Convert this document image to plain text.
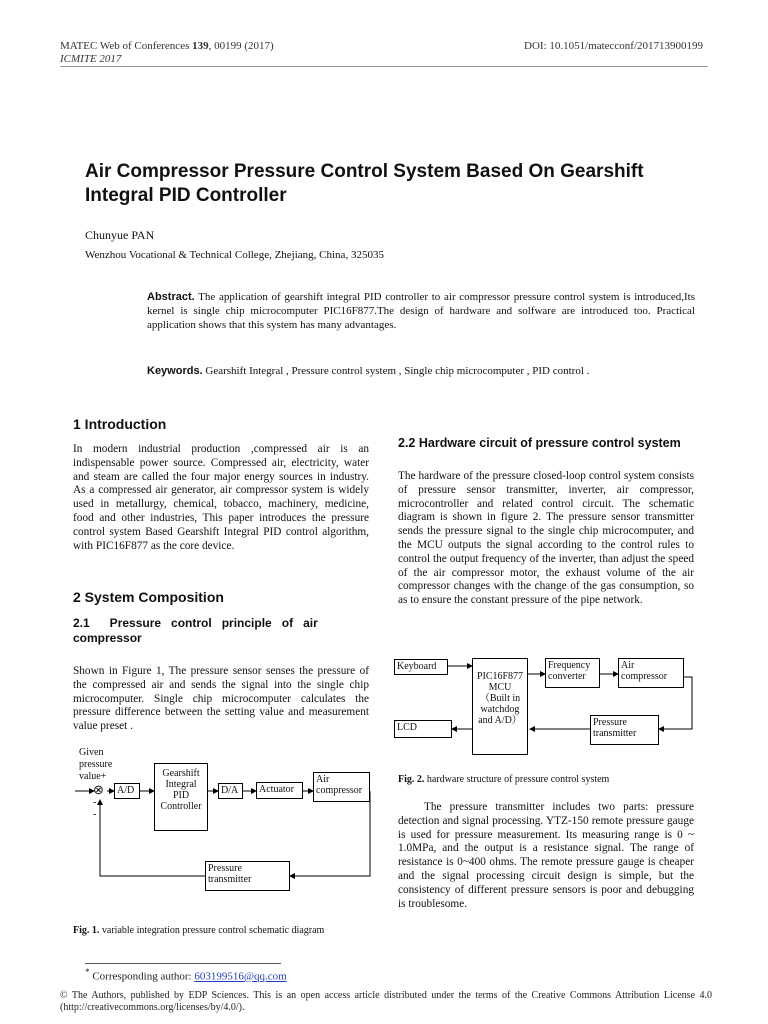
MATEC Web of Conferences 139, 00199 (2017)
ICMITE 2017
DOI: 10.1051/matecconf/201713900199
Air Compressor Pressure Control System Based On Gearshift Integral PID Controller
Chunyue PAN
Wenzhou Vocational & Technical College, Zhejiang, China, 325035
Abstract. The application of gearshift integral PID controller to air compressor pressure control system is introduced,Its kernel is single chip microcomputer PIC16F877.The design of hardware and solfware are introduced too. Practical application shows that this system has many advantages.
Keywords. Gearshift Integral , Pressure control system , Single chip microcomputer , PID control .
1 Introduction
In modern industrial production ,compressed air is an indispensable power source. Compressed air, electricity, water and steam are called the four major energy sources in industry. As a compressed air generator, air compressor system is widely used in metallurgy, chemical, tobacco, machinery, medicine, food and other industries, This paper introduces the pressure control system Based Gearshift Integral PID control algorithm, with PIC16F877 as the core device.
2 System Composition
2.1      Pressure   control   principle   of   air compressor
Shown in Figure 1, The pressure sensor senses the pressure of the compressed air and sends the signal into the single chip microcomputer. Single chip microcomputer calculates the pressure difference between the setting value and measurement value preset .
Given
pressure
value+
⊗
-
-
A/D
Gearshift Integral PID Controller
D/A	Actuator
Air compressor
Pressure transmitter
Fig. 1. variable integration pressure control schematic diagram
2.2 Hardware circuit of pressure control system
The hardware of the pressure closed-loop control system consists of pressure sensor transmitter, inverter, air compressor, microcontroller and related control circuit. The schematic diagram is shown in figure 2. The pressure sensor transmitter sends the pressure signal to the single chip microcomputer, and the MCU outputs the signal according to the control rules to control the output frequency of the inverter, than adjust the speed of the air compressor motor, the exhaust volume of the air compressor changes with the change of the gas consumption, so as to ensure the constant pressure of the pipe network.
Keyboard
PIC16F877 MCU （Built in watchdog and A/D）
Frequency converter
Air compressor
LCD	Pressure transmitter
Fig. 2. hardware structure of pressure control system
The pressure transmitter includes two parts: pressure detection and signal processing. YTZ-150 remote pressure gauge is used for pressure measurement. Its measuring range is 0 ~ 1.0MPa, and the output is a resistance signal. The range of resistance is 0~400 ohms. The remote pressure gauge is cheaper and the signal processing circuit design is simple, but the consistency of different pressure sensors is poor and debugging is troublesome.
* Corresponding author: 603199516@qq.com
© The Authors, published by EDP Sciences. This is an open access article distributed under the terms of the Creative Commons Attribution License 4.0 (http://creativecommons.org/licenses/by/4.0/).
